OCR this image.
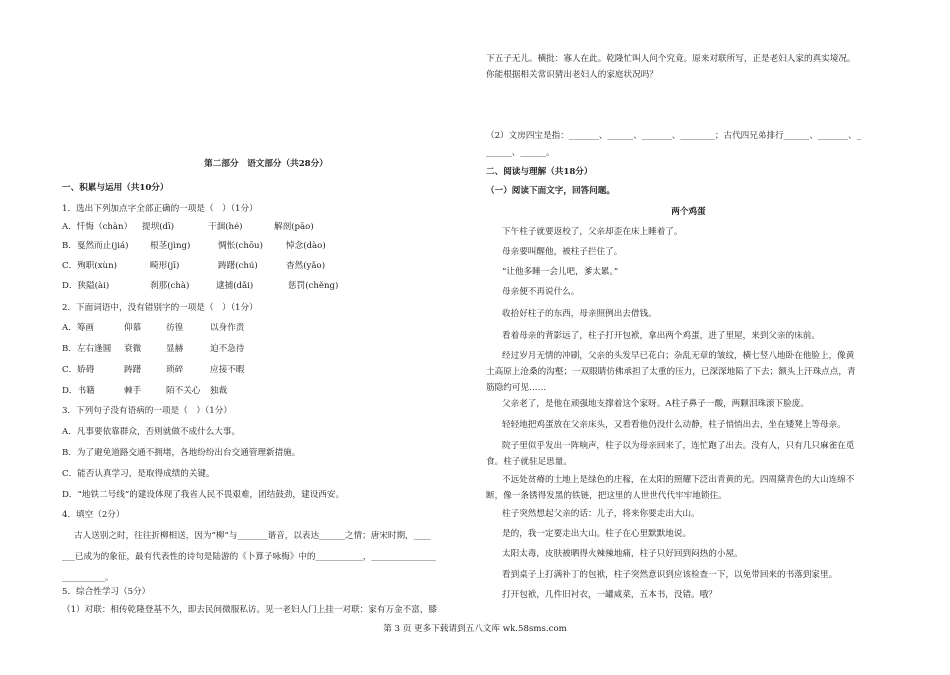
第二部分　语文部分（共28分）

一、积累与运用（共10分）

1．选出下列加点字全部正确的一项是（　）（1分）

A．忏悔（chàn） 提坝(dī)	干涸(hé)	解剖(pāo)

B．戛然而止(jiá) 根茎(jìng)	惆怅(chōu)	悼念(dào)

C．殉职(xùn)	畸形(jī)	踌躇(chú)	杳然(yǎo)

D．狭隘(ài)	刹那(chà)	逮捕(dǎi)	惩罚(chěng)

2．下面词语中，没有错别字的一项是（　）（1分）

A．筹画	仰慕	彷徨	以身作责

B．左右逢圆 衰微	显赫	迫不急待

C．娇碍	踌躇	琐碎	应接不暇

D．书籍	棘手	陌不关心 独裁

3．下列句子没有语病的一项是（　）（1分）

A．凡事要依靠群众，否则就做不成什么大事。

B．为了避免道路交通不拥堵，各地纷纷出台交通管理新措施。

C．能否认真学习，是取得成绩的关键。

D．“地铁二号线”的建设体现了我省人民不畏艰难，团结鼓劲，建设西安。

4．填空（2分）

古人送别之时，往往折柳相送，因为“柳”与_______谐音，以表达______之情；唐宋时期，____

___已成为的象征，最有代表性的诗句是陆游的《卜算子咏梅》中的___________，_______________

__________。

5．综合性学习（5分）

（1）对联：相传乾隆登基不久，即去民间微服私访。见一老妇人门上挂一对联：家有万金不富，膝

下五子无儿。横批：寡人在此。乾隆忙叫人问个究竟。原来对联所写，正是老妇人家的真实境况。

你能根据相关常识猜出老妇人的家庭状况吗？

（2）文房四宝是指：_______、______、_______、________；古代四兄弟排行______、_______、_

______、______。

二、阅读与理解（共18分）

（一）阅读下面文字，回答问题。

两个鸡蛋

下午柱子就要返校了，父亲却歪在床上睡着了。

母亲要叫醒他，被柱子拦住了。

“让他多睡一会儿吧，爹太累。”

母亲便不再说什么。

收拾好柱子的东西，母亲照例出去借钱。

看着母亲的背影远了，柱子打开包袱，拿出两个鸡蛋，进了里屋，来到父亲的床前。

经过岁月无情的冲刷，父亲的头发早已花白；杂乱无章的皱纹，横七竖八地卧在他脸上，像黄

土高原上沧桑的沟壑；一双眼睛仿佛承担了太重的压力，已深深地陷了下去；额头上汗珠点点，青

筋隐约可见……

父亲老了，是他在顽强地支撑着这个家呀。A柱子鼻子一酸，两颗泪珠滚下脸庞。

轻轻地把鸡蛋放在父亲床头，又看看他仍没什么动静，柱子悄悄出去，坐在矮凳上等母亲。

院子里似乎发出一阵响声，柱子以为母亲回来了，连忙跑了出去。没有人，只有几只麻雀在觅

食。柱子就驻足思量。

不远处贫瘠的土地上是绿色的庄稼，在太阳的照耀下泛出青黄的光。四周黛青色的大山连绵不

断，像一条锈得发黑的铁链，把这里的人世世代代牢牢地锁住。

柱子突然想起父亲的话：儿子，将来你要走出大山。

是的，我一定要走出大山。柱子在心里默默地说。

太阳太毒，皮肤被晒得火辣辣地痛，柱子只好回到闷热的小屋。

看到桌子上打满补丁的包袱，柱子突然意识到应该检查一下，以免带回来的书落到家里。

打开包袱，几件旧衬衣，一罐咸菜，五本书，没错。哦？

第 3 页 更多下载请到五八文库 wk.58sms.com
